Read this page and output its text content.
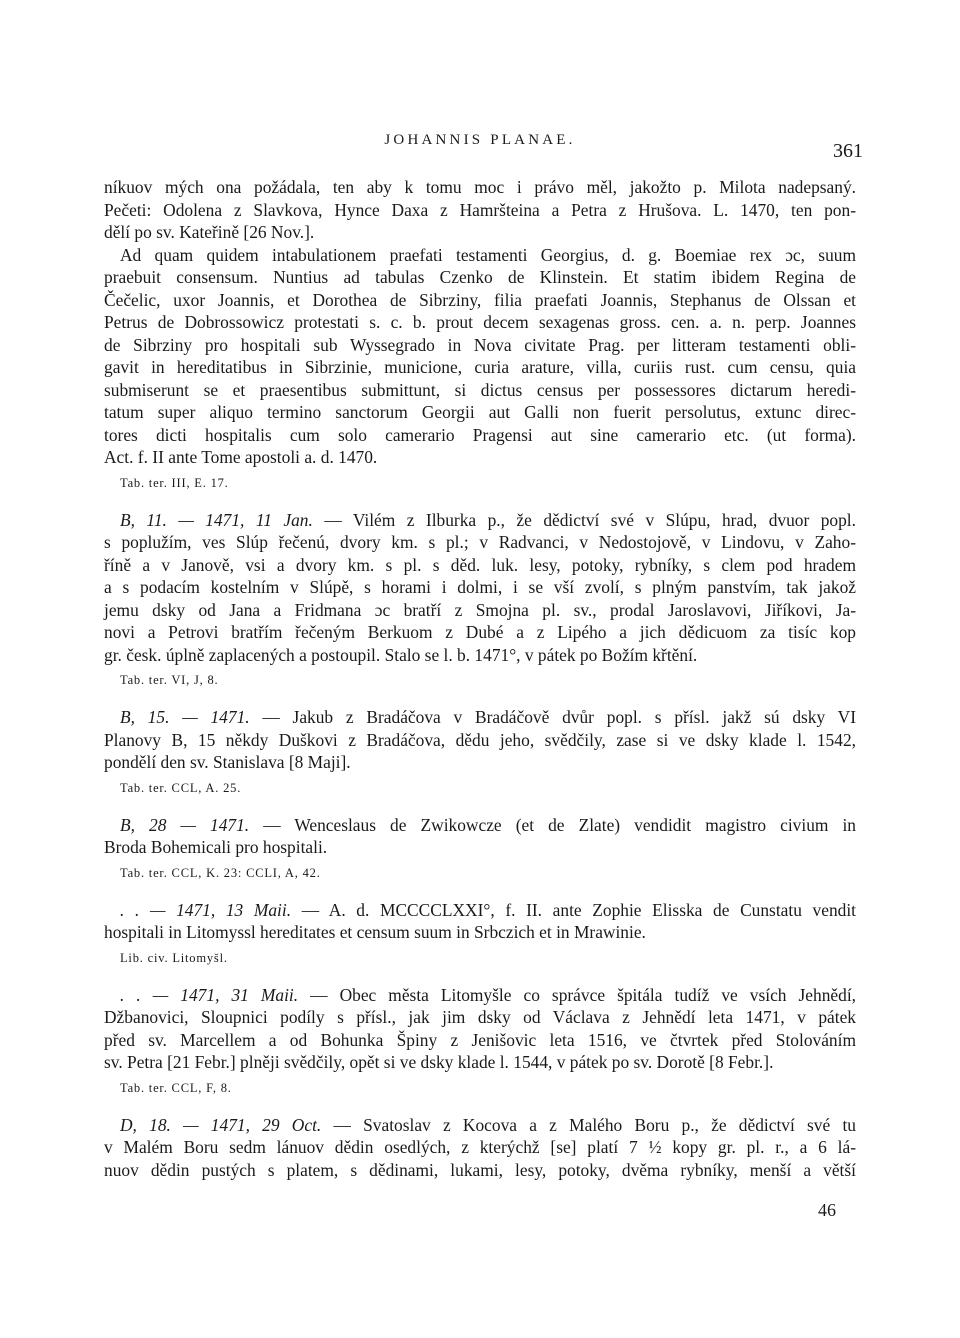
JOHANNIS PLANAE.	361
níkuov mých ona požádala, ten aby k tomu moc i právo měl, jakožto p. Milota nadepsaný.
Pečeti: Odolena z Slavkova, Hynce Daxa z Hamršteina a Petra z Hrušova. L. 1470, ten pon-
dělí po sv. Kateřině [26 Nov.].
Ad quam quidem intabulationem praefati testamenti Georgius, d. g. Boemiae rex ɔc, suum
praebuit consensum. Nuntius ad tabulas Czenko de Klinstein. Et statim ibidem Regina de
Čečelic, uxor Joannis, et Dorothea de Sibrziny, filia praefati Joannis, Stephanus de Olssan et
Petrus de Dobrossowicz protestati s. c. b. prout decem sexagenas gross. cen. a. n. perp. Joannes
de Sibrziny pro hospitali sub Wyssegrado in Nova civitate Prag. per litteram testamenti obli-
gavit in hereditatibus in Sibrzinie, municione, curia arature, villa, curiis rust. cum censu, quia
submiserunt se et praesentibus submittunt, si dictus census per possessores dictarum heredi-
tatum super aliquo termino sanctorum Georgii aut Galli non fuerit persolutus, extunc direc-
tores dicti hospitalis cum solo camerario Pragensi aut sine camerario etc. (ut forma).
Act. f. II ante Tome apostoli a. d. 1470.
Tab. ter. III, E. 17.
B, 11. — 1471, 11 Jan. — Vilém z Ilburka p., že dědictví své v Slúpu, hrad, dvuor popl.
s poplužím, ves Slúp řečenú, dvory km. s pl.; v Radvanci, v Nedostojově, v Lindovu, v Zaho-
říně a v Janově, vsi a dvory km. s pl. s děd. luk. lesy, potoky, rybníky, s clem pod hradem
a s podacím kostelním v Slúpě, s horami i dolmi, i se vší zvolí, s plným panstvím, tak jakož
jemu dsky od Jana a Fridmana ɔc bratří z Smojna pl. sv., prodal Jaroslavovi, Jiříkovi, Ja-
novi a Petrovi bratřím řečeným Berkuom z Dubé a z Lipého a jich dědicuom za tisíc kop
gr. česk. úplně zaplacených a postoupil. Stalo se l. b. 1471°, v pátek po Božím křtění.
Tab. ter. VI, J, 8.
B, 15. — 1471. — Jakub z Bradáčova v Bradáčově dvůr popl. s přísl. jakž sú dsky VI
Planovy B, 15 někdy Duškovi z Bradáčova, dědu jeho, svědčily, zase si ve dsky klade l. 1542,
pondělí den sv. Stanislava [8 Maji].
Tab. ter. CCL, A. 25.
B, 28 — 1471. — Wenceslaus de Zwikowcze (et de Zlate) vendidit magistro civium in
Broda Bohemicali pro hospitali.
Tab. ter. CCL, K. 23: CCLI, A, 42.
. . — 1471, 13 Maii. — A. d. MCCCCLXXI°, f. II. ante Zophie Elisska de Cunstatu vendit
hospitali in Litomyssl hereditates et censum suum in Srbczich et in Mrawinie.
Lib. civ. Litomyšl.
. . — 1471, 31 Maii. — Obec města Litomyšle co správce špitála tudíž ve vsích Jehnědí,
Džbanovici, Sloupnici podíly s přísl., jak jim dsky od Václava z Jehnědí leta 1471, v pátek
před sv. Marcellem a od Bohunka Špiny z Jenišovic leta 1516, ve čtvrtek před Stolováním
sv. Petra [21 Febr.] plněji svědčily, opět si ve dsky klade l. 1544, v pátek po sv. Dorotě [8 Febr.].
Tab. ter. CCL, F, 8.
D, 18. — 1471, 29 Oct. — Svatoslav z Kocova a z Malého Boru p., že dědictví své tu
v Malém Boru sedm lánuov dědin osedlých, z kterýchž [se] platí 7 ½ kopy gr. pl. r., a 6 lá-
nuov dědin pustých s platem, s dědinami, lukami, lesy, potoky, dvěma rybníky, menší a větší
46
